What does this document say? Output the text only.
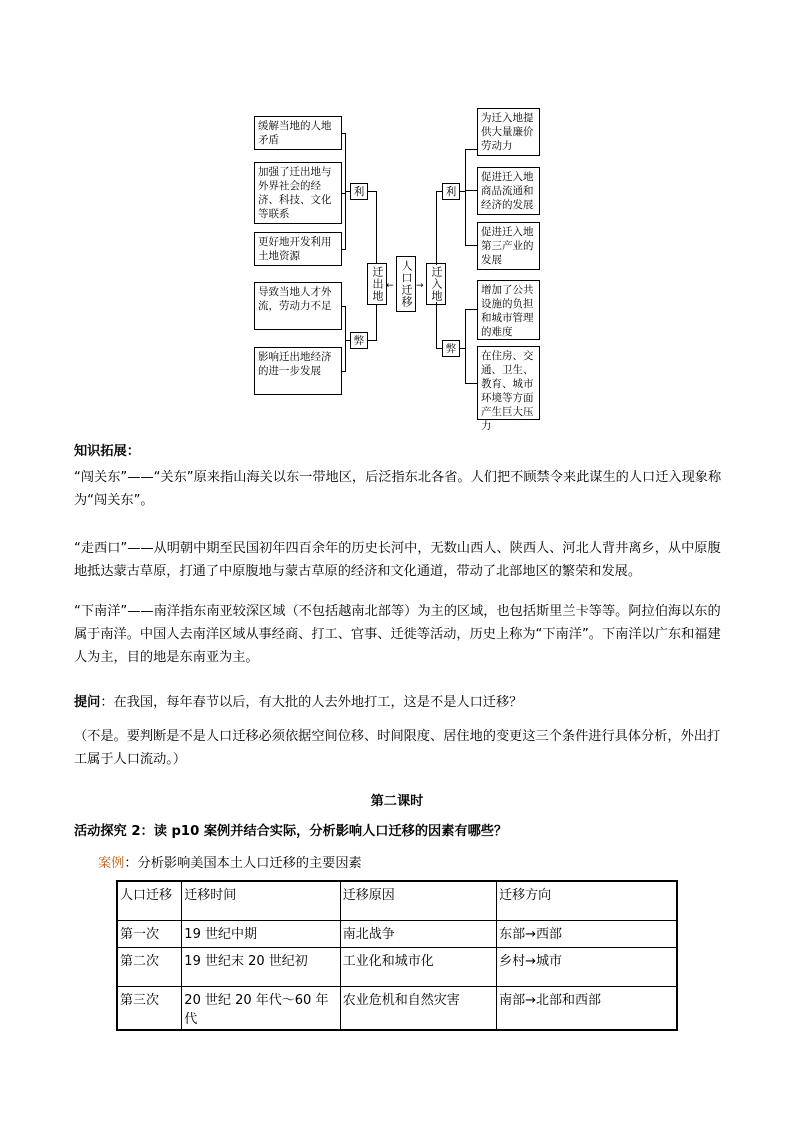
缓解当地的人地矛盾
加强了迁出地与外界社会的经济、科技、文化等联系
更好地开发利用土地资源
导致当地人才外流，劳动力不足
影响迁出地经济的进一步发展
利
弊
迁出地 ← 人口迁移 → 迁入地
利
弊
为迁入地提供大量廉价劳动力
促进迁入地商品流通和经济的发展
促进迁入地第三产业的发展
增加了公共设施的负担和城市管理的难度
在住房、交通、卫生、教育、城市环境等方面产生巨大压力
知识拓展：
“闯关东”——“关东”原来指山海关以东一带地区，后泛指东北各省。人们把不顾禁令来此谋生的人口迁入现象称为“闯关东”。
“走西口”——从明朝中期至民国初年四百余年的历史长河中，无数山西人、陕西人、河北人背井离乡，从中原腹地抵达蒙古草原，打通了中原腹地与蒙古草原的经济和文化通道，带动了北部地区的繁荣和发展。
“下南洋”——南洋指东南亚较深区域（不包括越南北部等）为主的区域，也包括斯里兰卡等等。阿拉伯海以东的属于南洋。中国人去南洋区域从事经商、打工、官事、迁徙等活动，历史上称为“下南洋”。下南洋以广东和福建人为主，目的地是东南亚为主。
提问：在我国，每年春节以后，有大批的人去外地打工，这是不是人口迁移？
（不是。要判断是不是人口迁移必须依据空间位移、时间限度、居住地的变更这三个条件进行具体分析，外出打工属于人口流动。）
第二课时
活动探究 2：读 p10 案例并结合实际，分析影响人口迁移的因素有哪些？
案例：分析影响美国本土人口迁移的主要因素
人口迁移	迁移时间	迁移原因	迁移方向
第一次	19 世纪中期	南北战争	东部→西部
第二次	19 世纪末 20 世纪初	工业化和城市化	乡村→城市
第三次	20 世纪 20 年代～60 年代	农业危机和自然灾害	南部→北部和西部
